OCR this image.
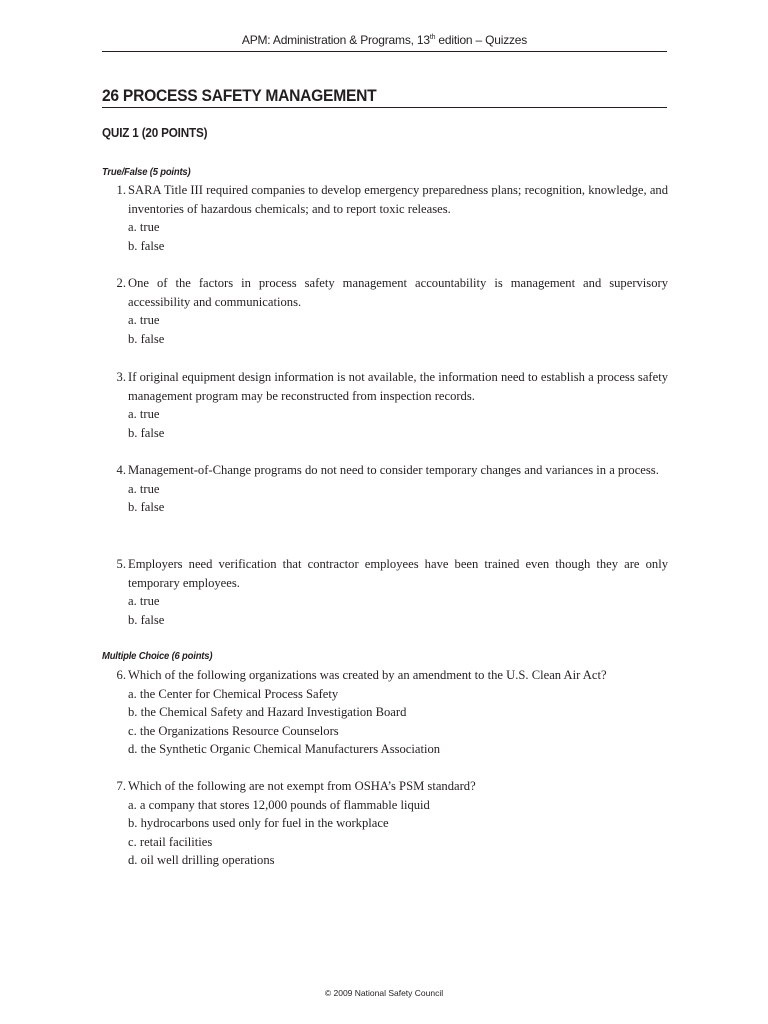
APM: Administration & Programs, 13th edition – Quizzes
26 PROCESS SAFETY MANAGEMENT
QUIZ 1 (20 POINTS)
True/False (5 points)
1. SARA Title III required companies to develop emergency preparedness plans; recognition, knowledge, and inventories of hazardous chemicals; and to report toxic releases.
a. true
b. false
2. One of the factors in process safety management accountability is management and supervisory accessibility and communications.
a. true
b. false
3. If original equipment design information is not available, the information need to establish a process safety management program may be reconstructed from inspection records.
a. true
b. false
4. Management-of-Change programs do not need to consider temporary changes and variances in a process.
a. true
b. false
5. Employers need verification that contractor employees have been trained even though they are only temporary employees.
a. true
b. false
Multiple Choice (6 points)
6. Which of the following organizations was created by an amendment to the U.S. Clean Air Act?
a. the Center for Chemical Process Safety
b. the Chemical Safety and Hazard Investigation Board
c. the Organizations Resource Counselors
d. the Synthetic Organic Chemical Manufacturers Association
7. Which of the following are not exempt from OSHA’s PSM standard?
a. a company that stores 12,000 pounds of flammable liquid
b. hydrocarbons used only for fuel in the workplace
c. retail facilities
d. oil well drilling operations
© 2009 National Safety Council
